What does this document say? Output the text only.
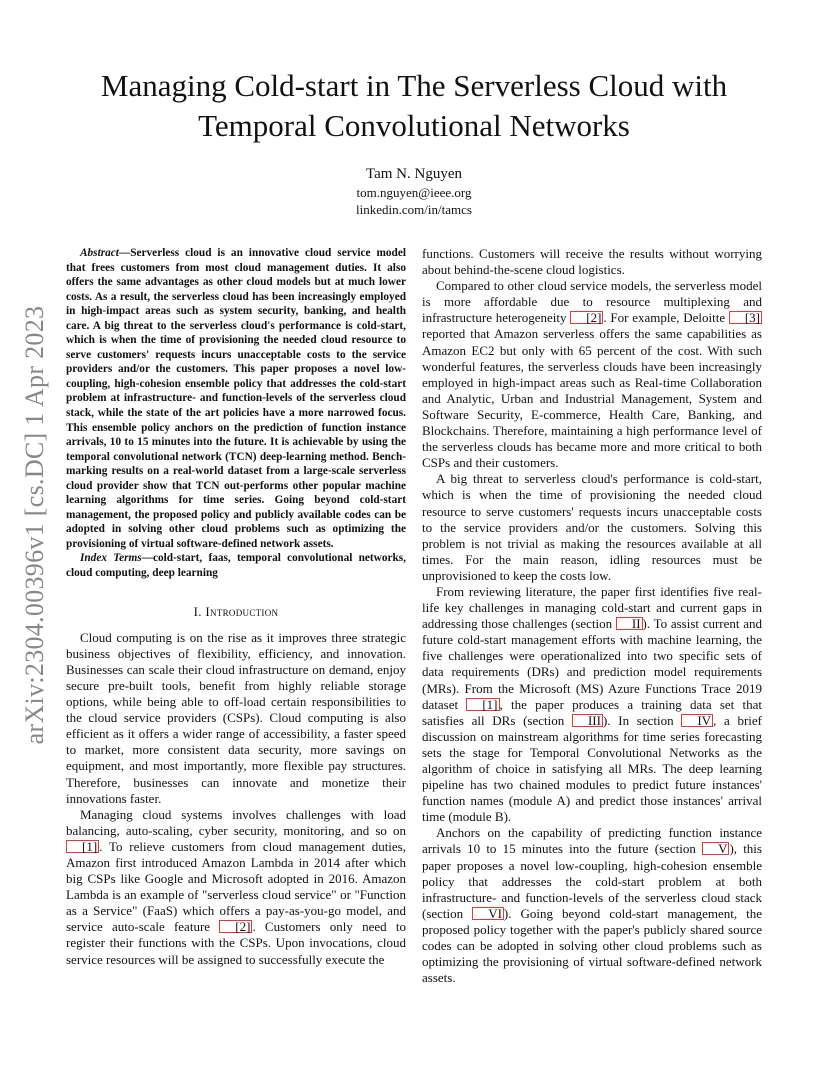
arXiv:2304.00396v1 [cs.DC] 1 Apr 2023
Managing Cold-start in The Serverless Cloud with
Temporal Convolutional Networks
Tam N. Nguyen
tom.nguyen@ieee.org
linkedin.com/in/tamcs

Abstract—Serverless cloud is an innovative cloud service model that frees customers from most cloud management duties. It also offers the same advantages as other cloud models but at much lower costs. As a result, the serverless cloud has been increasingly employed in high-impact areas such as system security, banking, and health care. A big threat to the serverless cloud's performance is cold-start, which is when the time of provisioning the needed cloud resource to serve customers' requests incurs unacceptable costs to the service providers and/or the customers. This paper proposes a novel low-coupling, high-cohesion ensemble policy that addresses the cold-start problem at infrastructure- and function-levels of the serverless cloud stack, while the state of the art policies have a more narrowed focus. This ensemble policy anchors on the prediction of function instance arrivals, 10 to 15 minutes into the future. It is achievable by using the temporal convolutional network (TCN) deep-learning method. Bench-marking results on a real-world dataset from a large-scale serverless cloud provider show that TCN out-performs other popular machine learning algorithms for time series. Going beyond cold-start management, the proposed policy and publicly available codes can be adopted in solving other cloud problems such as optimizing the provisioning of virtual software-defined network assets.

Index Terms—cold-start, faas, temporal convolutional networks, cloud computing, deep learning

I. Introduction

Cloud computing is on the rise as it improves three strategic business objectives of flexibility, efficiency, and innovation. Businesses can scale their cloud infrastructure on demand, enjoy secure pre-built tools, benefit from highly reliable storage options, while being able to off-load certain responsibilities to the cloud service providers (CSPs). Cloud computing is also efficient as it offers a wider range of accessibility, a faster speed to market, more consistent data security, more savings on equipment, and most importantly, more flexible pay structures. Therefore, businesses can innovate and monetize their innovations faster.

Managing cloud systems involves challenges with load balancing, auto-scaling, cyber security, monitoring, and so on [1] . To relieve customers from cloud management duties, Amazon first introduced Amazon Lambda in 2014 after which big CSPs like Google and Microsoft adopted in 2016. Amazon Lambda is an example of "serverless cloud service" or "Function as a Service" (FaaS) which offers a pay-as-you-go model, and service auto-scale feature [2] . Customers only need to register their functions with the CSPs. Upon invocations, cloud service resources will be assigned to successfully execute the

functions. Customers will receive the results without worrying about behind-the-scene cloud logistics.

Compared to other cloud service models, the serverless model is more affordable due to resource multiplexing and infrastructure heterogeneity [2] . For example, Deloitte [3] reported that Amazon serverless offers the same capabilities as Amazon EC2 but only with 65 percent of the cost. With such wonderful features, the serverless clouds have been increasingly employed in high-impact areas such as Real-time Collaboration and Analytic, Urban and Industrial Management, System and Software Security, E-commerce, Health Care, Banking, and Blockchains. Therefore, maintaining a high performance level of the serverless clouds has became more and more critical to both CSPs and their customers.

A big threat to serverless cloud's performance is cold-start, which is when the time of provisioning the needed cloud resource to serve customers' requests incurs unacceptable costs to the service providers and/or the customers. Solving this problem is not trivial as making the resources available at all times. For the main reason, idling resources must be unprovisioned to keep the costs low.

From reviewing literature, the paper first identifies five real-life key challenges in managing cold-start and current gaps in addressing those challenges (section II ). To assist current and future cold-start management efforts with machine learning, the five challenges were operationalized into two specific sets of data requirements (DRs) and prediction model requirements (MRs). From the Microsoft (MS) Azure Functions Trace 2019 dataset [1] , the paper produces a training data set that satisfies all DRs (section III ). In section IV , a brief discussion on mainstream algorithms for time series forecasting sets the stage for Temporal Convolutional Networks as the algorithm of choice in satisfying all MRs. The deep learning pipeline has two chained modules to predict future instances' function names (module A) and predict those instances' arrival time (module B).

Anchors on the capability of predicting function instance arrivals 10 to 15 minutes into the future (section V ), this paper proposes a novel low-coupling, high-cohesion ensemble policy that addresses the cold-start problem at both infrastructure- and function-levels of the serverless cloud stack (section VI ). Going beyond cold-start management, the proposed policy together with the paper's publicly shared source codes can be adopted in solving other cloud problems such as optimizing the provisioning of virtual software-defined network assets.
